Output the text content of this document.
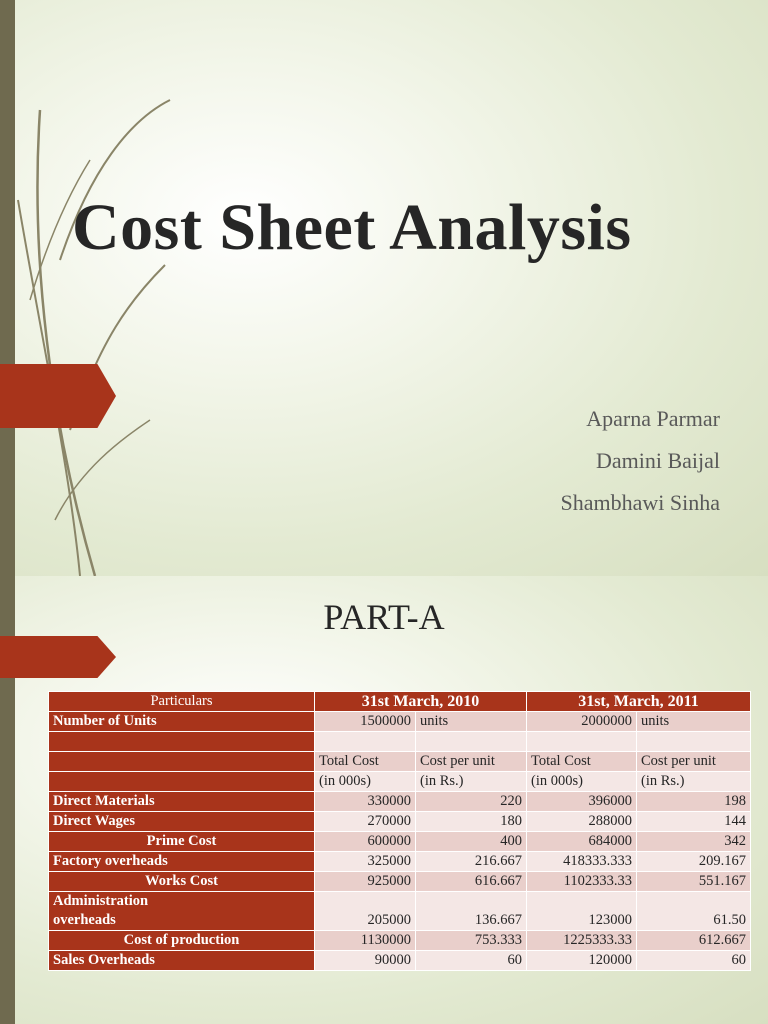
Cost Sheet Analysis
Aparna Parmar
Damini Baijal
Shambhawi Sinha
PART-A
Particulars	31st March, 2010		31st, March, 2011	
Number of Units	1500000	units	2000000	units

	Total Cost	Cost per unit	Total Cost	Cost per unit
	(in 000s)	(in Rs.)	(in 000s)	(in Rs.)
Direct Materials	330000	220	396000	198
Direct Wages	270000	180	288000	144
Prime Cost	600000	400	684000	342
Factory overheads	325000	216.667	418333.333	209.167
Works Cost	925000	616.667	1102333.33	551.167

Administration overheads	205000	136.667	123000	61.50
Cost of production	1130000	753.333	1225333.33	612.667
Sales Overheads	90000	60	120000	60
